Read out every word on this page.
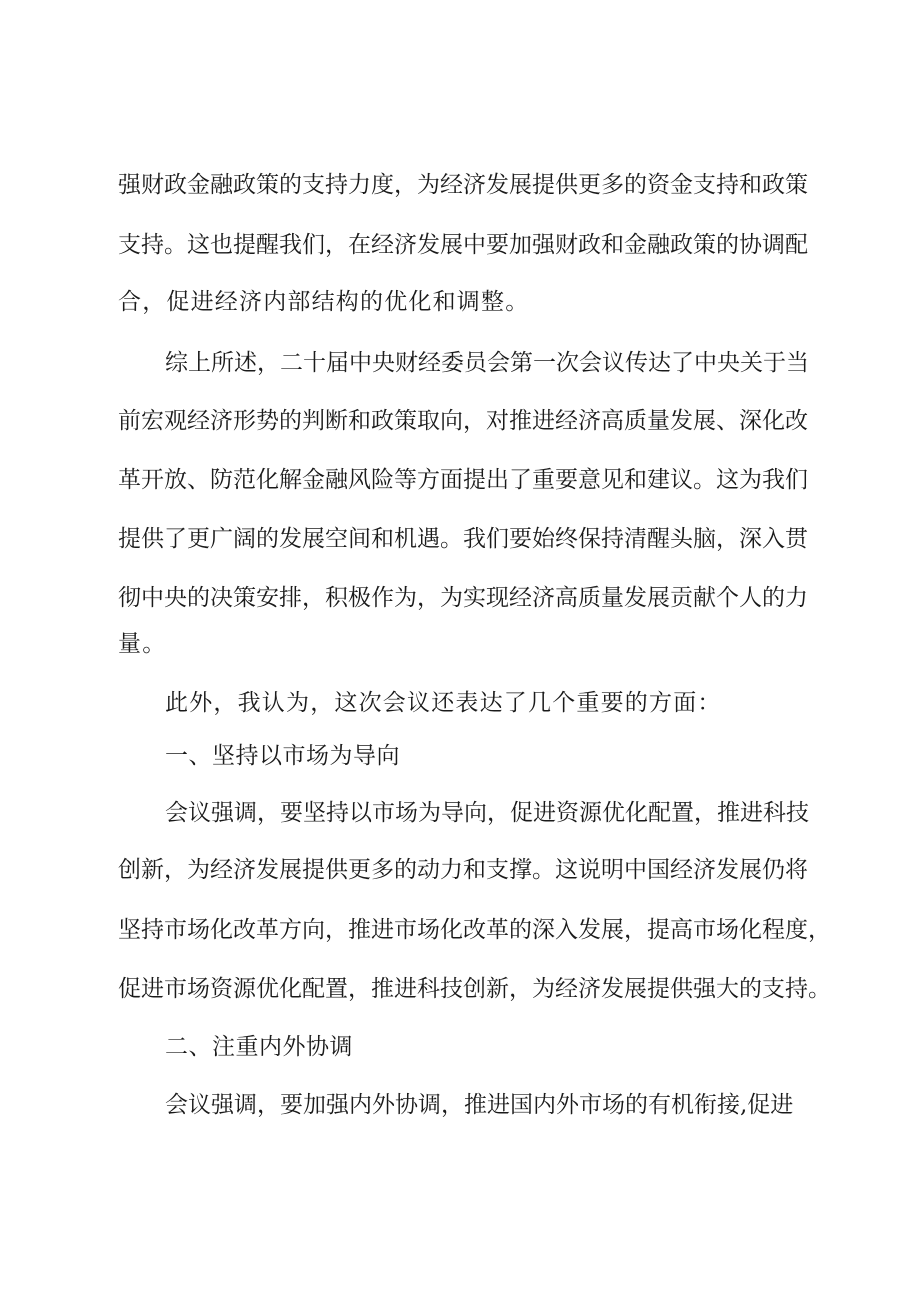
强财政金融政策的支持力度，为经济发展提供更多的资金支持和政策
支持。这也提醒我们，在经济发展中要加强财政和金融政策的协调配
合，促进经济内部结构的优化和调整。
综上所述，二十届中央财经委员会第一次会议传达了中央关于当
前宏观经济形势的判断和政策取向，对推进经济高质量发展、深化改
革开放、防范化解金融风险等方面提出了重要意见和建议。这为我们
提供了更广阔的发展空间和机遇。我们要始终保持清醒头脑，深入贯
彻中央的决策安排，积极作为，为实现经济高质量发展贡献个人的力
量。
此外，我认为，这次会议还表达了几个重要的方面：
一、坚持以市场为导向
会议强调，要坚持以市场为导向，促进资源优化配置，推进科技
创新，为经济发展提供更多的动力和支撑。这说明中国经济发展仍将
坚持市场化改革方向，推进市场化改革的深入发展，提高市场化程度，
促进市场资源优化配置，推进科技创新，为经济发展提供强大的支持。
二、注重内外协调
会议强调，要加强内外协调，推进国内外市场的有机衔接,促进
